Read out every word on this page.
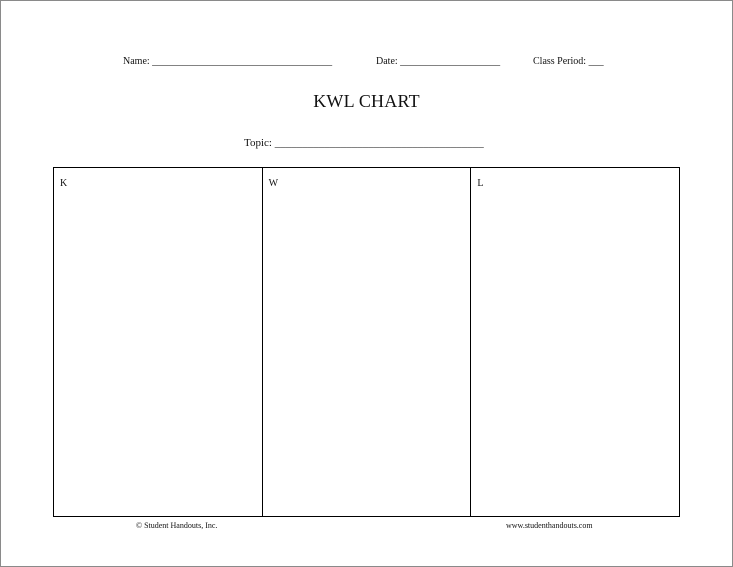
Name: ____________________________________	Date: ____________________	Class Period: ___
KWL CHART
Topic: ______________________________________
K	W	L
© Student Handouts, Inc.	www.studenthandouts.com
